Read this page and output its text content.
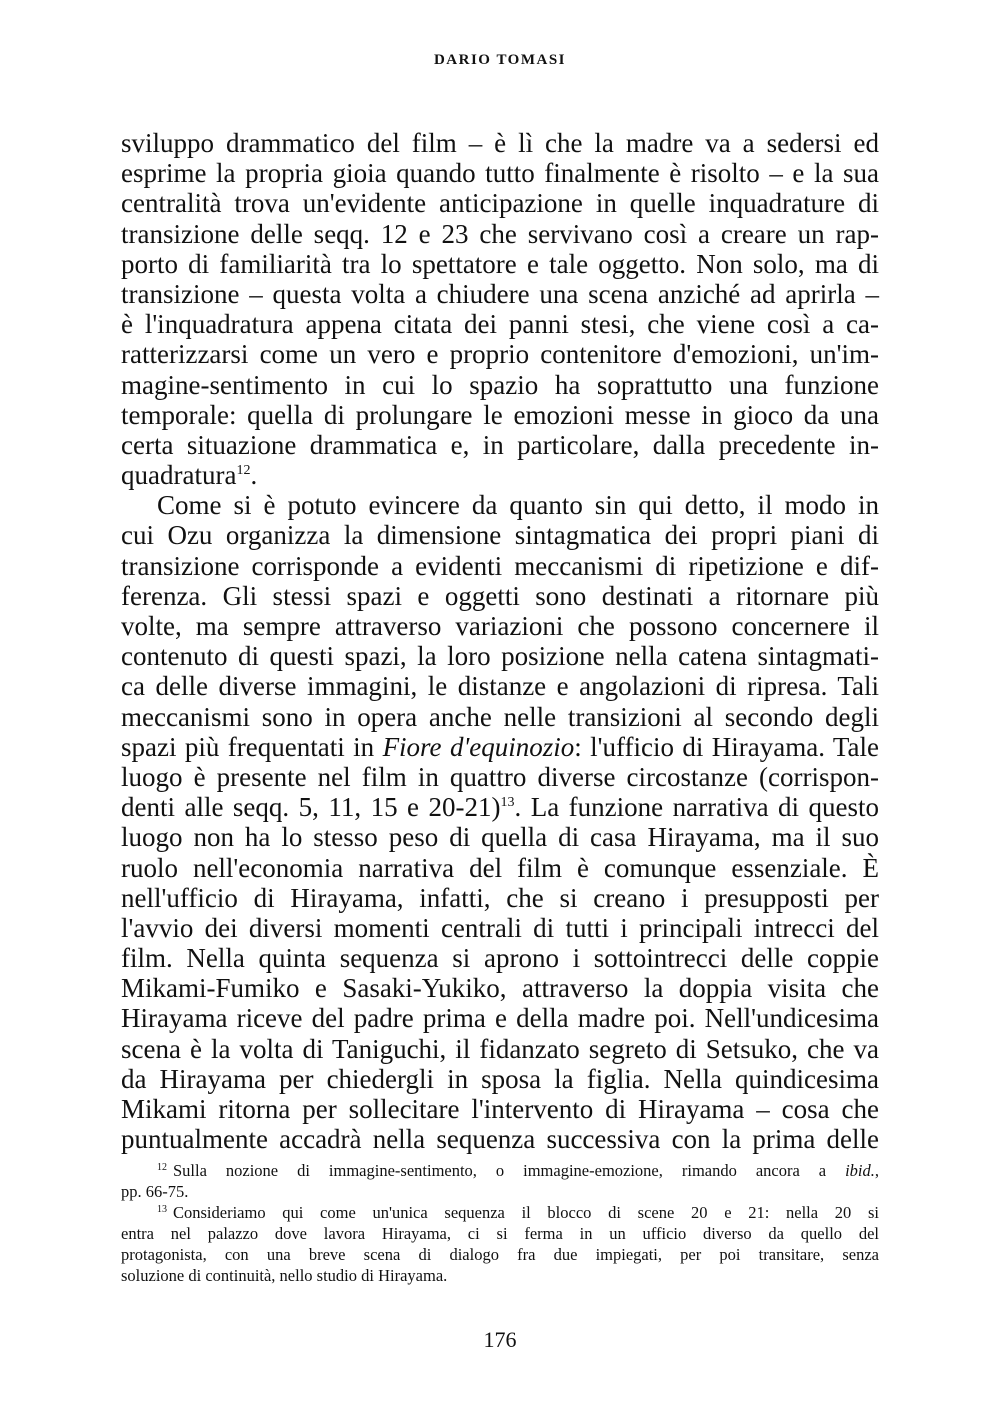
DARIO TOMASI
sviluppo drammatico del film – è lì che la madre va a sedersi ed
esprime la propria gioia quando tutto finalmente è risolto – e la sua
centralità trova un'evidente anticipazione in quelle inquadrature di
transizione delle seqq. 12 e 23 che servivano così a creare un rap-
porto di familiarità tra lo spettatore e tale oggetto. Non solo, ma di
transizione – questa volta a chiudere una scena anziché ad aprirla –
è l'inquadratura appena citata dei panni stesi, che viene così a ca-
ratterizzarsi come un vero e proprio contenitore d'emozioni, un'im-
magine-sentimento in cui lo spazio ha soprattutto una funzione
temporale: quella di prolungare le emozioni messe in gioco da una
certa situazione drammatica e, in particolare, dalla precedente in-
quadratura$^{12}$.
Come si è potuto evincere da quanto sin qui detto, il modo in
cui Ozu organizza la dimensione sintagmatica dei propri piani di
transizione corrisponde a evidenti meccanismi di ripetizione e dif-
ferenza. Gli stessi spazi e oggetti sono destinati a ritornare più
volte, ma sempre attraverso variazioni che possono concernere il
contenuto di questi spazi, la loro posizione nella catena sintagmati-
ca delle diverse immagini, le distanze e angolazioni di ripresa. Tali
meccanismi sono in opera anche nelle transizioni al secondo degli
spazi più frequentati in Fiore d'equinozio: l'ufficio di Hirayama. Tale
luogo è presente nel film in quattro diverse circostanze (corrispon-
denti alle seqq. 5, 11, 15 e 20-21)$^{13}$. La funzione narrativa di questo
luogo non ha lo stesso peso di quella di casa Hirayama, ma il suo
ruolo nell'economia narrativa del film è comunque essenziale. È
nell'ufficio di Hirayama, infatti, che si creano i presupposti per
l'avvio dei diversi momenti centrali di tutti i principali intrecci del
film. Nella quinta sequenza si aprono i sottointrecci delle coppie
Mikami-Fumiko e Sasaki-Yukiko, attraverso la doppia visita che
Hirayama riceve del padre prima e della madre poi. Nell'undicesima
scena è la volta di Taniguchi, il fidanzato segreto di Setsuko, che va
da Hirayama per chiedergli in sposa la figlia. Nella quindicesima
Mikami ritorna per sollecitare l'intervento di Hirayama – cosa che
puntualmente accadrà nella sequenza successiva con la prima delle
$^{12}$ Sulla nozione di immagine-sentimento, o immagine-emozione, rimando ancora a ibid.,
pp. 66-75.
$^{13}$ Consideriamo qui come un'unica sequenza il blocco di scene 20 e 21: nella 20 si
entra nel palazzo dove lavora Hirayama, ci si ferma in un ufficio diverso da quello del
protagonista, con una breve scena di dialogo fra due impiegati, per poi transitare, senza
soluzione di continuità, nello studio di Hirayama.
176
